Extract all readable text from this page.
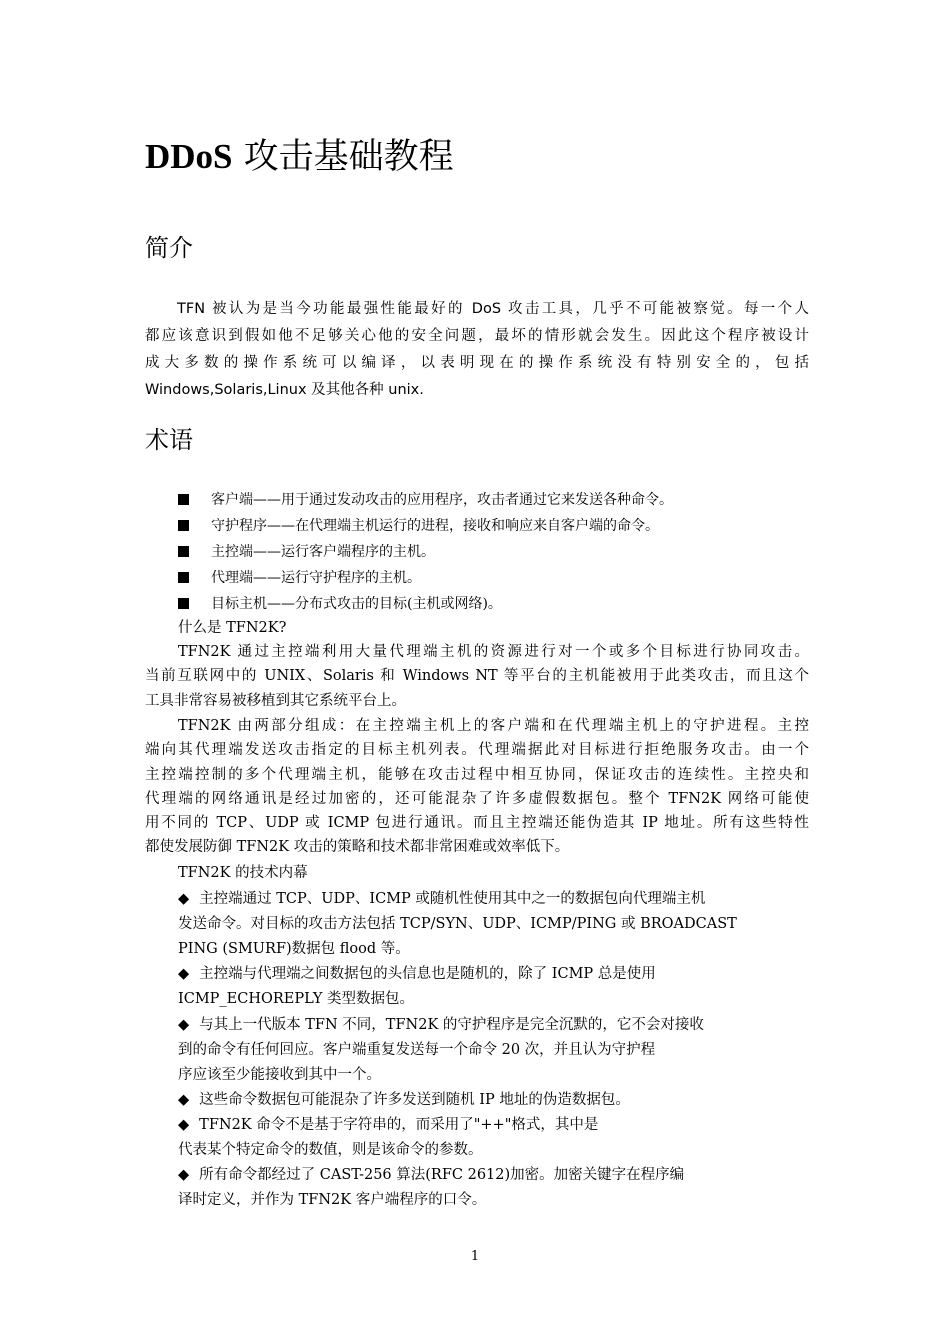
DDoS 攻击基础教程
简介
TFN 被认为是当今功能最强性能最好的 DoS 攻击工具，几乎不可能被察觉。每一个人
都应该意识到假如他不足够关心他的安全问题，最坏的情形就会发生。因此这个程序被设计
成大多数的操作系统可以编译，以表明现在的操作系统没有特别安全的，包括
Windows,Solaris,Linux 及其他各种 unix.
术语
客户端——用于通过发动攻击的应用程序，攻击者通过它来发送各种命令。
守护程序——在代理端主机运行的进程，接收和响应来自客户端的命令。
主控端——运行客户端程序的主机。
代理端——运行守护程序的主机。
目标主机——分布式攻击的目标(主机或网络)。
什么是 TFN2K?
TFN2K 通过主控端利用大量代理端主机的资源进行对一个或多个目标进行协同攻击。
当前互联网中的 UNIX、Solaris 和 Windows NT 等平台的主机能被用于此类攻击，而且这个
工具非常容易被移植到其它系统平台上。
TFN2K 由两部分组成：在主控端主机上的客户端和在代理端主机上的守护进程。主控
端向其代理端发送攻击指定的目标主机列表。代理端据此对目标进行拒绝服务攻击。由一个
主控端控制的多个代理端主机，能够在攻击过程中相互协同，保证攻击的连续性。主控央和
代理端的网络通讯是经过加密的，还可能混杂了许多虚假数据包。整个 TFN2K 网络可能使
用不同的 TCP、UDP 或 ICMP 包进行通讯。而且主控端还能伪造其 IP 地址。所有这些特性
都使发展防御 TFN2K 攻击的策略和技术都非常困难或效率低下。
TFN2K 的技术内幕
◆ 主控端通过 TCP、UDP、ICMP 或随机性使用其中之一的数据包向代理端主机
发送命令。对目标的攻击方法包括 TCP/SYN、UDP、ICMP/PING 或 BROADCAST
PING (SMURF)数据包 flood 等。
◆ 主控端与代理端之间数据包的头信息也是随机的，除了 ICMP 总是使用
ICMP_ECHOREPLY 类型数据包。
◆ 与其上一代版本 TFN 不同，TFN2K 的守护程序是完全沉默的，它不会对接收
到的命令有任何回应。客户端重复发送每一个命令 20 次，并且认为守护程
序应该至少能接收到其中一个。
◆ 这些命令数据包可能混杂了许多发送到随机 IP 地址的伪造数据包。
◆ TFN2K 命令不是基于字符串的，而采用了"++"格式，其中是
代表某个特定命令的数值，则是该命令的参数。
◆ 所有命令都经过了 CAST-256 算法(RFC 2612)加密。加密关键字在程序编
译时定义，并作为 TFN2K 客户端程序的口令。
1
